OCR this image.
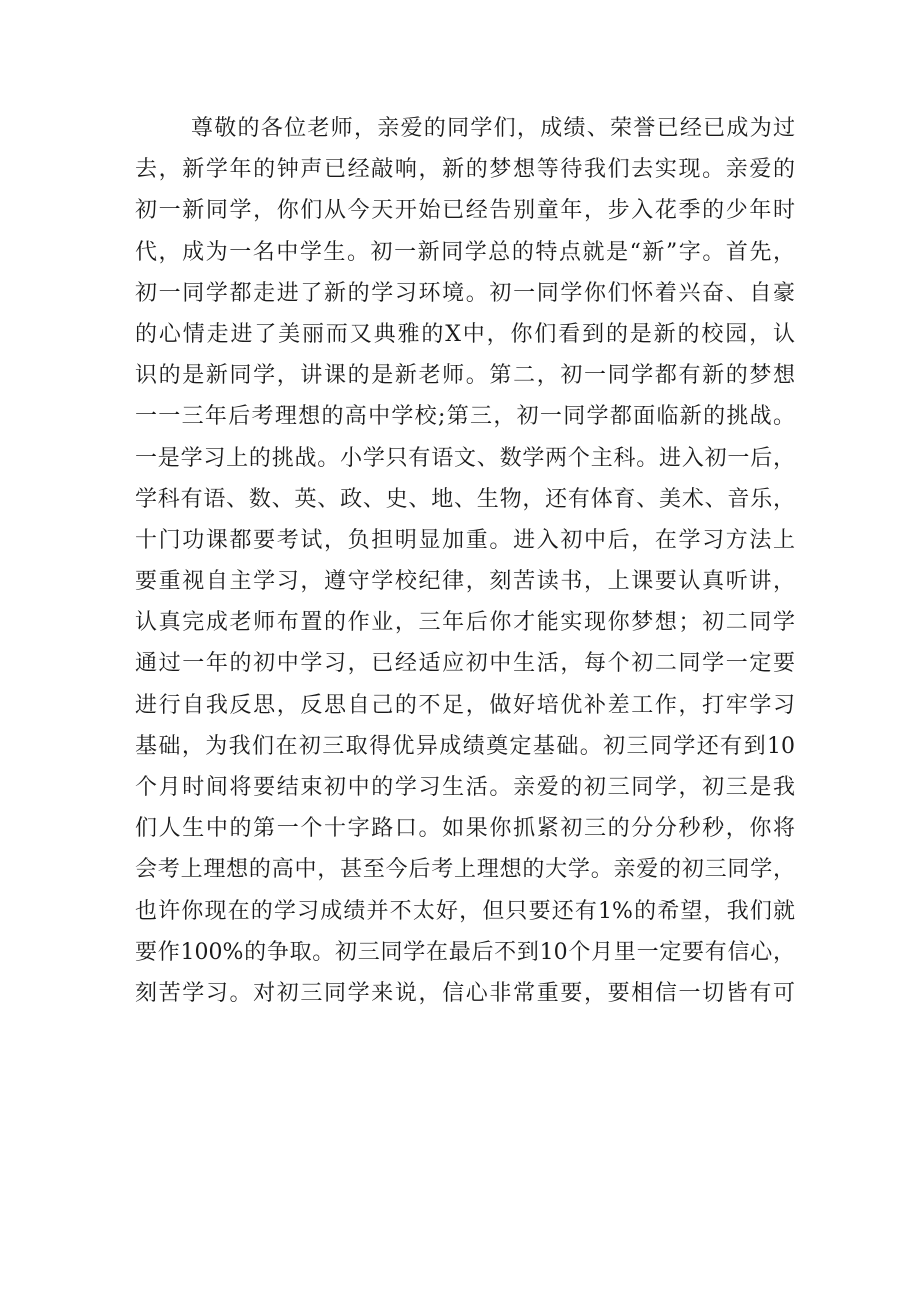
尊敬的各位老师，亲爱的同学们，成绩、荣誉已经已成为过
去，新学年的钟声已经敲响，新的梦想等待我们去实现。亲爱的
初一新同学，你们从今天开始已经告别童年，步入花季的少年时
代，成为一名中学生。初一新同学总的特点就是“新”字。首先，
初一同学都走进了新的学习环境。初一同学你们怀着兴奋、自豪
的心情走进了美丽而又典雅的X中，你们看到的是新的校园，认
识的是新同学，讲课的是新老师。第二，初一同学都有新的梦想
一一三年后考理想的高中学校;第三，初一同学都面临新的挑战。
一是学习上的挑战。小学只有语文、数学两个主科。进入初一后，
学科有语、数、英、政、史、地、生物，还有体育、美术、音乐，
十门功课都要考试，负担明显加重。进入初中后，在学习方法上
要重视自主学习，遵守学校纪律，刻苦读书，上课要认真听讲，
认真完成老师布置的作业，三年后你才能实现你梦想；初二同学
通过一年的初中学习，已经适应初中生活，每个初二同学一定要
进行自我反思，反思自己的不足，做好培优补差工作，打牢学习
基础，为我们在初三取得优异成绩奠定基础。初三同学还有到10
个月时间将要结束初中的学习生活。亲爱的初三同学，初三是我
们人生中的第一个十字路口。如果你抓紧初三的分分秒秒，你将
会考上理想的高中，甚至今后考上理想的大学。亲爱的初三同学，
也许你现在的学习成绩并不太好，但只要还有1%的希望，我们就
要作100%的争取。初三同学在最后不到10个月里一定要有信心，
刻苦学习。对初三同学来说，信心非常重要，要相信一切皆有可
